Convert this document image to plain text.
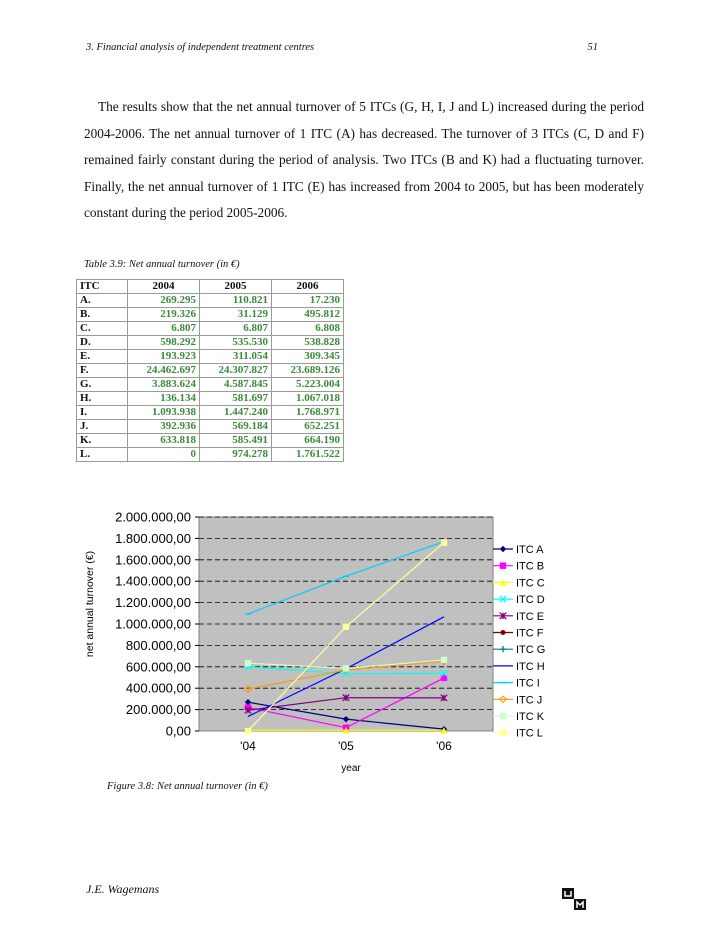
3. Financial analysis of independent treatment centres	51

The results show that the net annual turnover of 5 ITCs (G, H, I, J and L) increased during the period 2004-2006. The net annual turnover of 1 ITC (A) has decreased. The turnover of 3 ITCs (C, D and F) remained fairly constant during the period of analysis. Two ITCs (B and K) had a fluctuating turnover. Finally, the net annual turnover of 1 ITC (E) has increased from 2004 to 2005, but has been moderately constant during the period 2005-2006.

Table 3.9: Net annual turnover (in €)
ITC	2004	2005	2006
A.	269.295	110.821	17.230
B.	219.326	31.129	495.812
C.	6.807	6.807	6.808
D.	598.292	535.530	538.828
E.	193.923	311.054	309.345
F.	24.462.697	24.307.827	23.689.126
G.	3.883.624	4.587.845	5.223.004
H.	136.134	581.697	1.067.018
I.	1.093.938	1.447.240	1.768.971
J.	392.936	569.184	652.251
K.	633.818	585.491	664.190
L.	0	974.278	1.761.522
2.000.000,00
1.800.000,00
1.600.000,00
1.400.000,00
1.200.000,00
1.000.000,00
800.000,00
600.000,00
400.000,00
200.000,00
0,00
'04	'05	'06
year
net annual turnover (€)
ITC A
ITC B
ITC C
ITC D
ITC E
ITC F
ITC G
ITC H
ITC I
ITC J
ITC K
ITC L
Figure 3.8: Net annual turnover (in €)
J.E. Wagemans
